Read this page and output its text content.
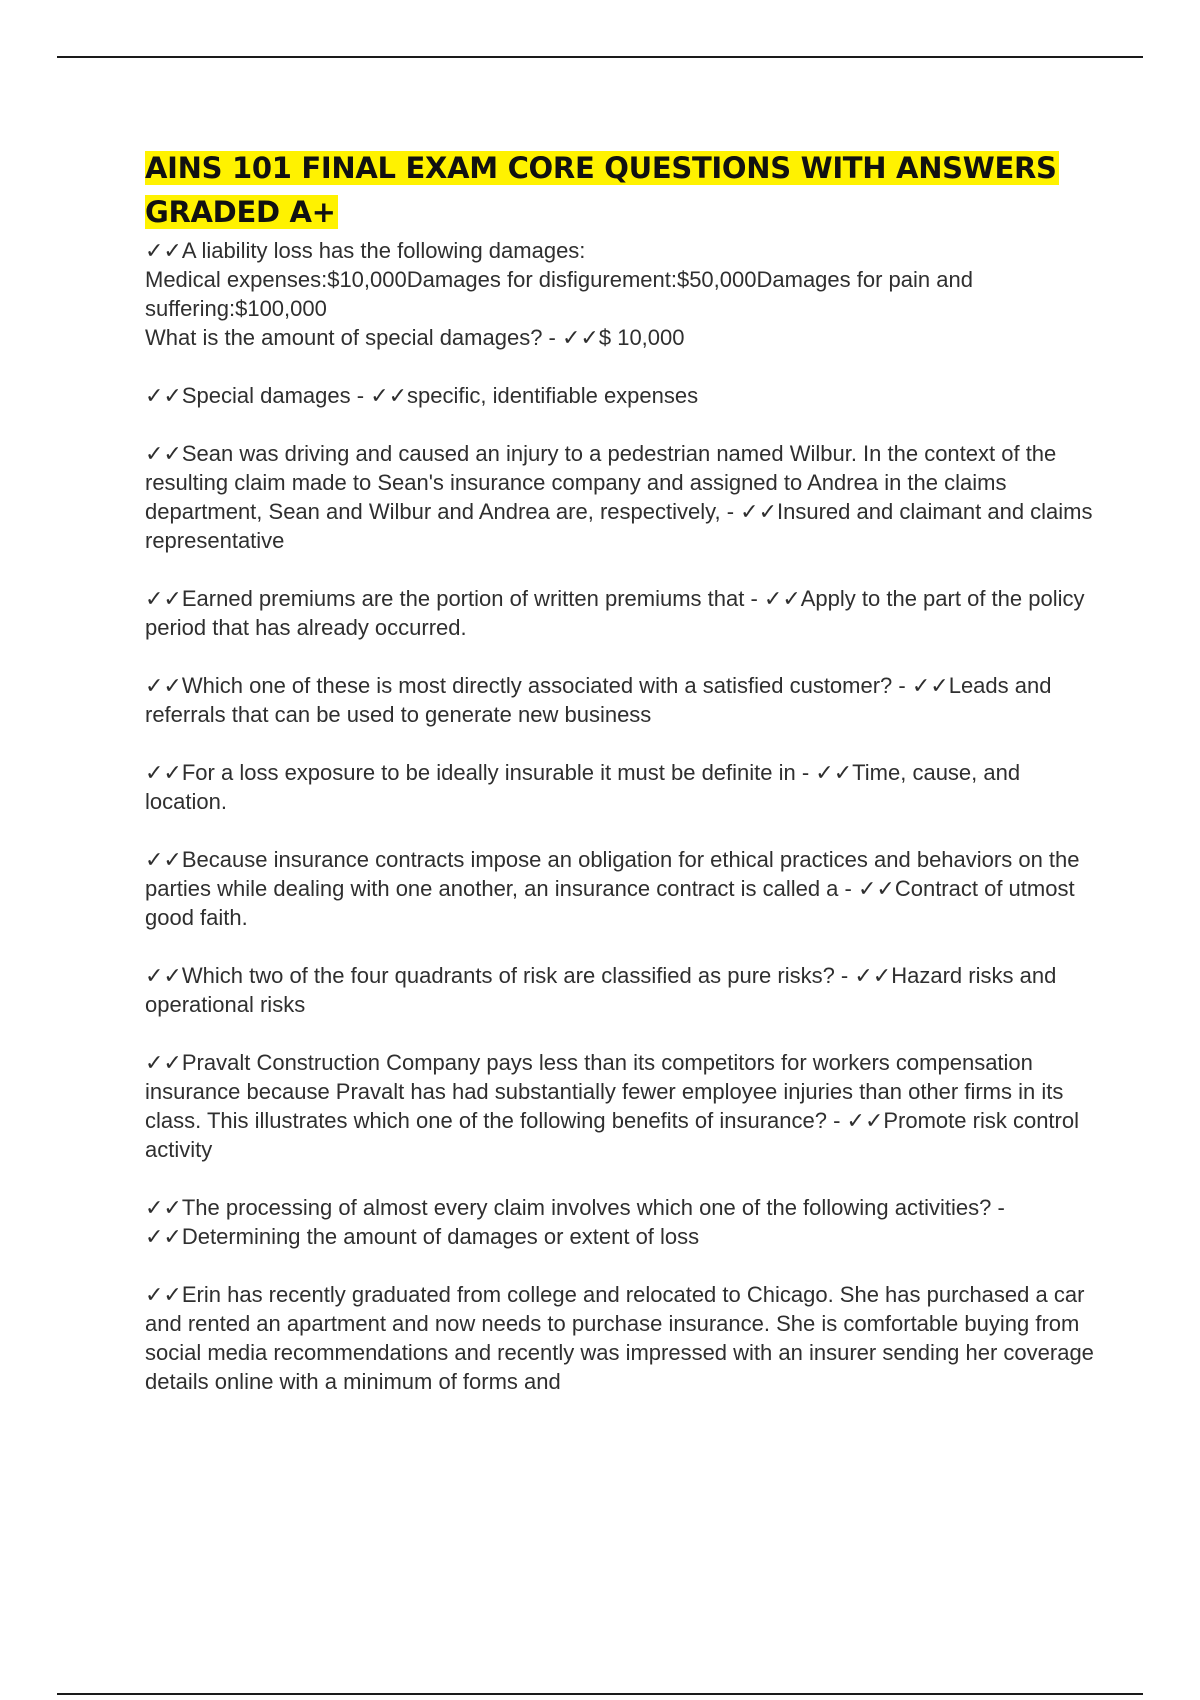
AINS 101 FINAL EXAM CORE QUESTIONS WITH ANSWERS GRADED A+

✓✓A liability loss has the following damages:
Medical expenses:$10,000Damages for disfigurement:$50,000Damages for pain and suffering:$100,000
What is the amount of special damages? - ✓✓$ 10,000

✓✓Special damages - ✓✓specific, identifiable expenses

✓✓Sean was driving and caused an injury to a pedestrian named Wilbur. In the context of the resulting claim made to Sean's insurance company and assigned to Andrea in the claims department, Sean and Wilbur and Andrea are, respectively, - ✓✓Insured and claimant and claims representative

✓✓Earned premiums are the portion of written premiums that - ✓✓Apply to the part of the policy period that has already occurred.

✓✓Which one of these is most directly associated with a satisfied customer? - ✓✓Leads and referrals that can be used to generate new business

✓✓For a loss exposure to be ideally insurable it must be definite in - ✓✓Time, cause, and location.

✓✓Because insurance contracts impose an obligation for ethical practices and behaviors on the parties while dealing with one another, an insurance contract is called a - ✓✓Contract of utmost good faith.

✓✓Which two of the four quadrants of risk are classified as pure risks? - ✓✓Hazard risks and operational risks

✓✓Pravalt Construction Company pays less than its competitors for workers compensation insurance because Pravalt has had substantially fewer employee injuries than other firms in its class. This illustrates which one of the following benefits of insurance? - ✓✓Promote risk control activity

✓✓The processing of almost every claim involves which one of the following activities? - ✓✓Determining the amount of damages or extent of loss

✓✓Erin has recently graduated from college and relocated to Chicago. She has purchased a car and rented an apartment and now needs to purchase insurance. She is comfortable buying from social media recommendations and recently was impressed with an insurer sending her coverage details online with a minimum of forms and
